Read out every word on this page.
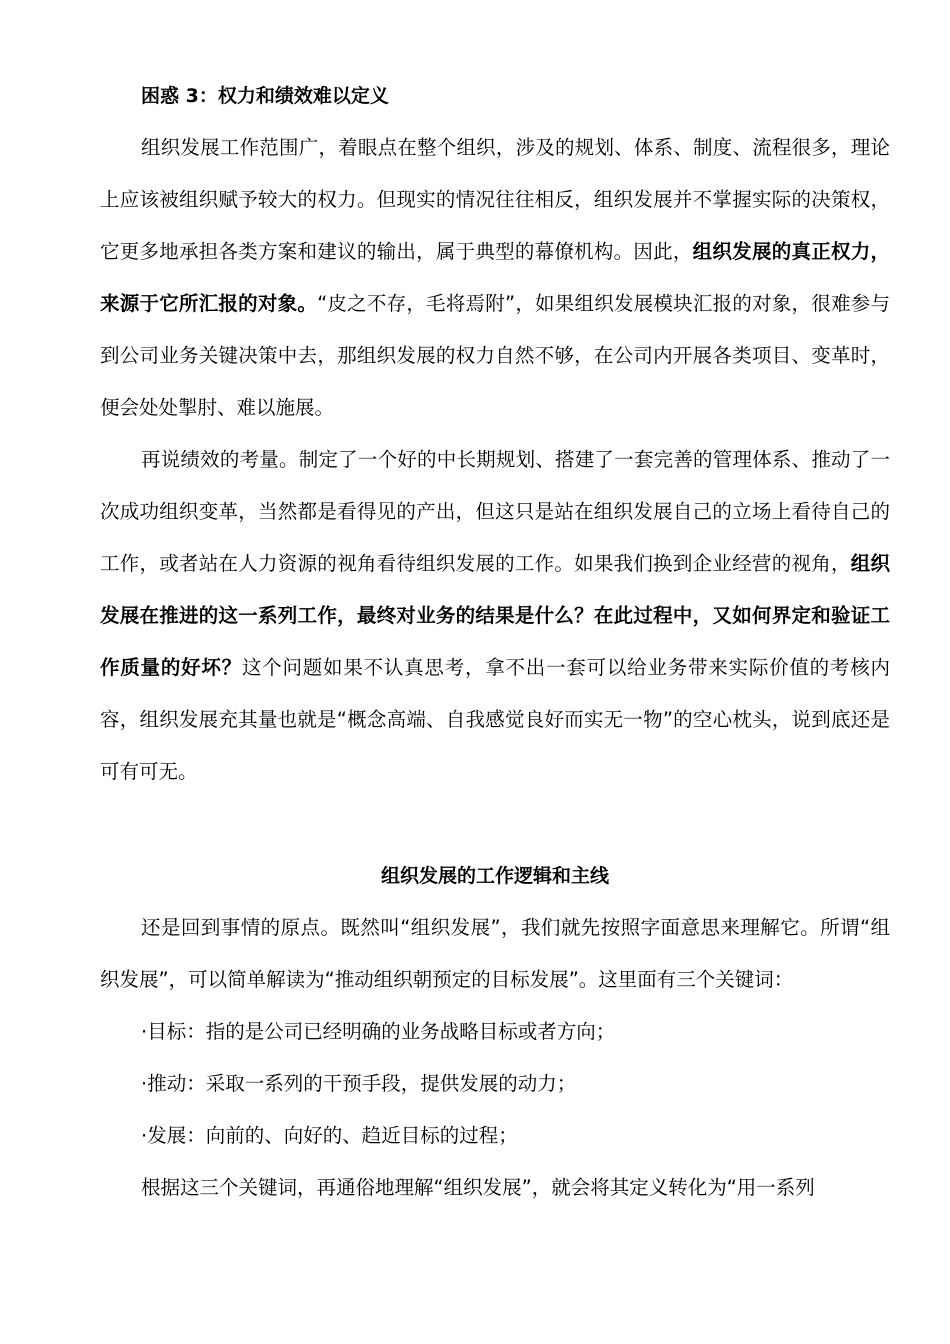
困惑 3：权力和绩效难以定义

组织发展工作范围广，着眼点在整个组织，涉及的规划、体系、制度、流程很多，理论上应该被组织赋予较大的权力。但现实的情况往往相反，组织发展并不掌握实际的决策权，它更多地承担各类方案和建议的输出，属于典型的幕僚机构。因此，组织发展的真正权力，来源于它所汇报的对象。“皮之不存，毛将焉附”，如果组织发展模块汇报的对象，很难参与到公司业务关键决策中去，那组织发展的权力自然不够，在公司内开展各类项目、变革时，便会处处掣肘、难以施展。

再说绩效的考量。制定了一个好的中长期规划、搭建了一套完善的管理体系、推动了一次成功组织变革，当然都是看得见的产出，但这只是站在组织发展自己的立场上看待自己的工作，或者站在人力资源的视角看待组织发展的工作。如果我们换到企业经营的视角，组织发展在推进的这一系列工作，最终对业务的结果是什么？在此过程中，又如何界定和验证工作质量的好坏？这个问题如果不认真思考，拿不出一套可以给业务带来实际价值的考核内容，组织发展充其量也就是“概念高端、自我感觉良好而实无一物”的空心枕头，说到底还是可有可无。

组织发展的工作逻辑和主线

还是回到事情的原点。既然叫“组织发展”，我们就先按照字面意思来理解它。所谓“组织发展”，可以简单解读为“推动组织朝预定的目标发展”。这里面有三个关键词：

·目标：指的是公司已经明确的业务战略目标或者方向；

·推动：采取一系列的干预手段，提供发展的动力；

·发展：向前的、向好的、趋近目标的过程；

根据这三个关键词，再通俗地理解“组织发展”，就会将其定义转化为“用一系列
